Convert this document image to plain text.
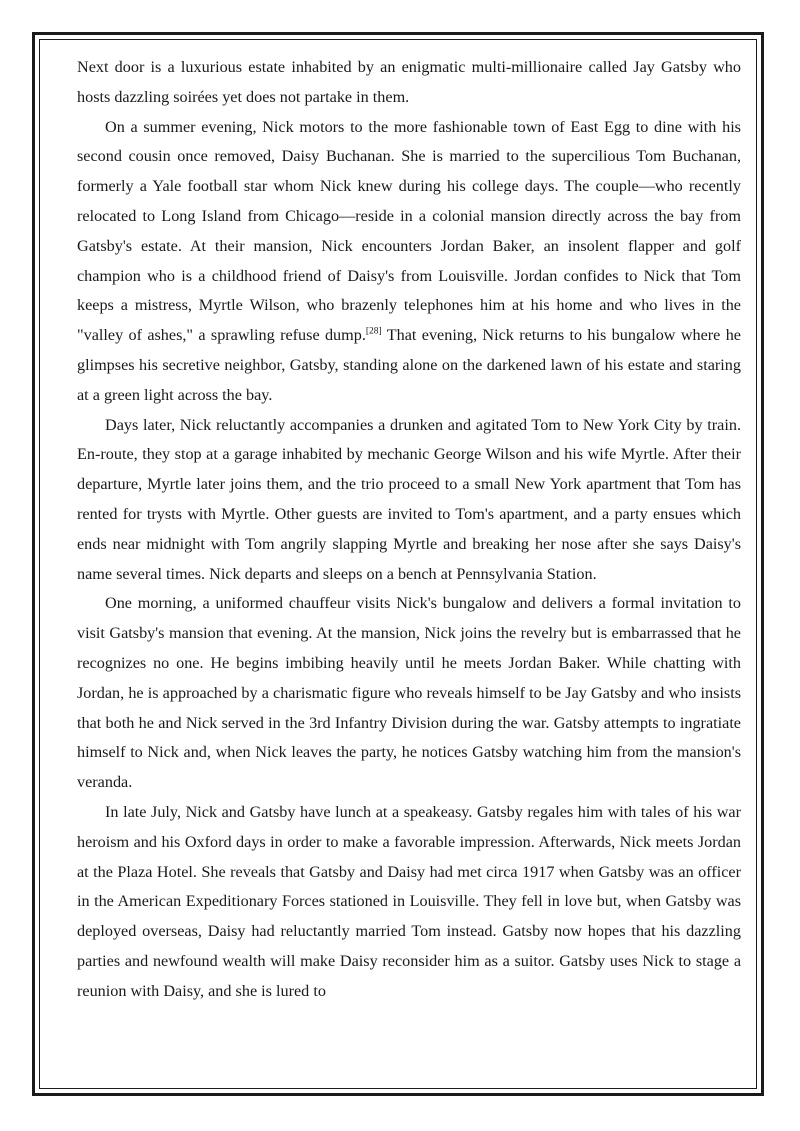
Next door is a luxurious estate inhabited by an enigmatic multi-millionaire called Jay Gatsby who hosts dazzling soirées yet does not partake in them.

On a summer evening, Nick motors to the more fashionable town of East Egg to dine with his second cousin once removed, Daisy Buchanan. She is married to the supercilious Tom Buchanan, formerly a Yale football star whom Nick knew during his college days. The couple—who recently relocated to Long Island from Chicago—reside in a colonial mansion directly across the bay from Gatsby's estate. At their mansion, Nick encounters Jordan Baker, an insolent flapper and golf champion who is a childhood friend of Daisy's from Louisville. Jordan confides to Nick that Tom keeps a mistress, Myrtle Wilson, who brazenly telephones him at his home and who lives in the "valley of ashes," a sprawling refuse dump.[28] That evening, Nick returns to his bungalow where he glimpses his secretive neighbor, Gatsby, standing alone on the darkened lawn of his estate and staring at a green light across the bay.

Days later, Nick reluctantly accompanies a drunken and agitated Tom to New York City by train. En-route, they stop at a garage inhabited by mechanic George Wilson and his wife Myrtle. After their departure, Myrtle later joins them, and the trio proceed to a small New York apartment that Tom has rented for trysts with Myrtle. Other guests are invited to Tom's apartment, and a party ensues which ends near midnight with Tom angrily slapping Myrtle and breaking her nose after she says Daisy's name several times. Nick departs and sleeps on a bench at Pennsylvania Station.

One morning, a uniformed chauffeur visits Nick's bungalow and delivers a formal invitation to visit Gatsby's mansion that evening. At the mansion, Nick joins the revelry but is embarrassed that he recognizes no one. He begins imbibing heavily until he meets Jordan Baker. While chatting with Jordan, he is approached by a charismatic figure who reveals himself to be Jay Gatsby and who insists that both he and Nick served in the 3rd Infantry Division during the war. Gatsby attempts to ingratiate himself to Nick and, when Nick leaves the party, he notices Gatsby watching him from the mansion's veranda.

In late July, Nick and Gatsby have lunch at a speakeasy. Gatsby regales him with tales of his war heroism and his Oxford days in order to make a favorable impression. Afterwards, Nick meets Jordan at the Plaza Hotel. She reveals that Gatsby and Daisy had met circa 1917 when Gatsby was an officer in the American Expeditionary Forces stationed in Louisville. They fell in love but, when Gatsby was deployed overseas, Daisy had reluctantly married Tom instead. Gatsby now hopes that his dazzling parties and newfound wealth will make Daisy reconsider him as a suitor. Gatsby uses Nick to stage a reunion with Daisy, and she is lured to
